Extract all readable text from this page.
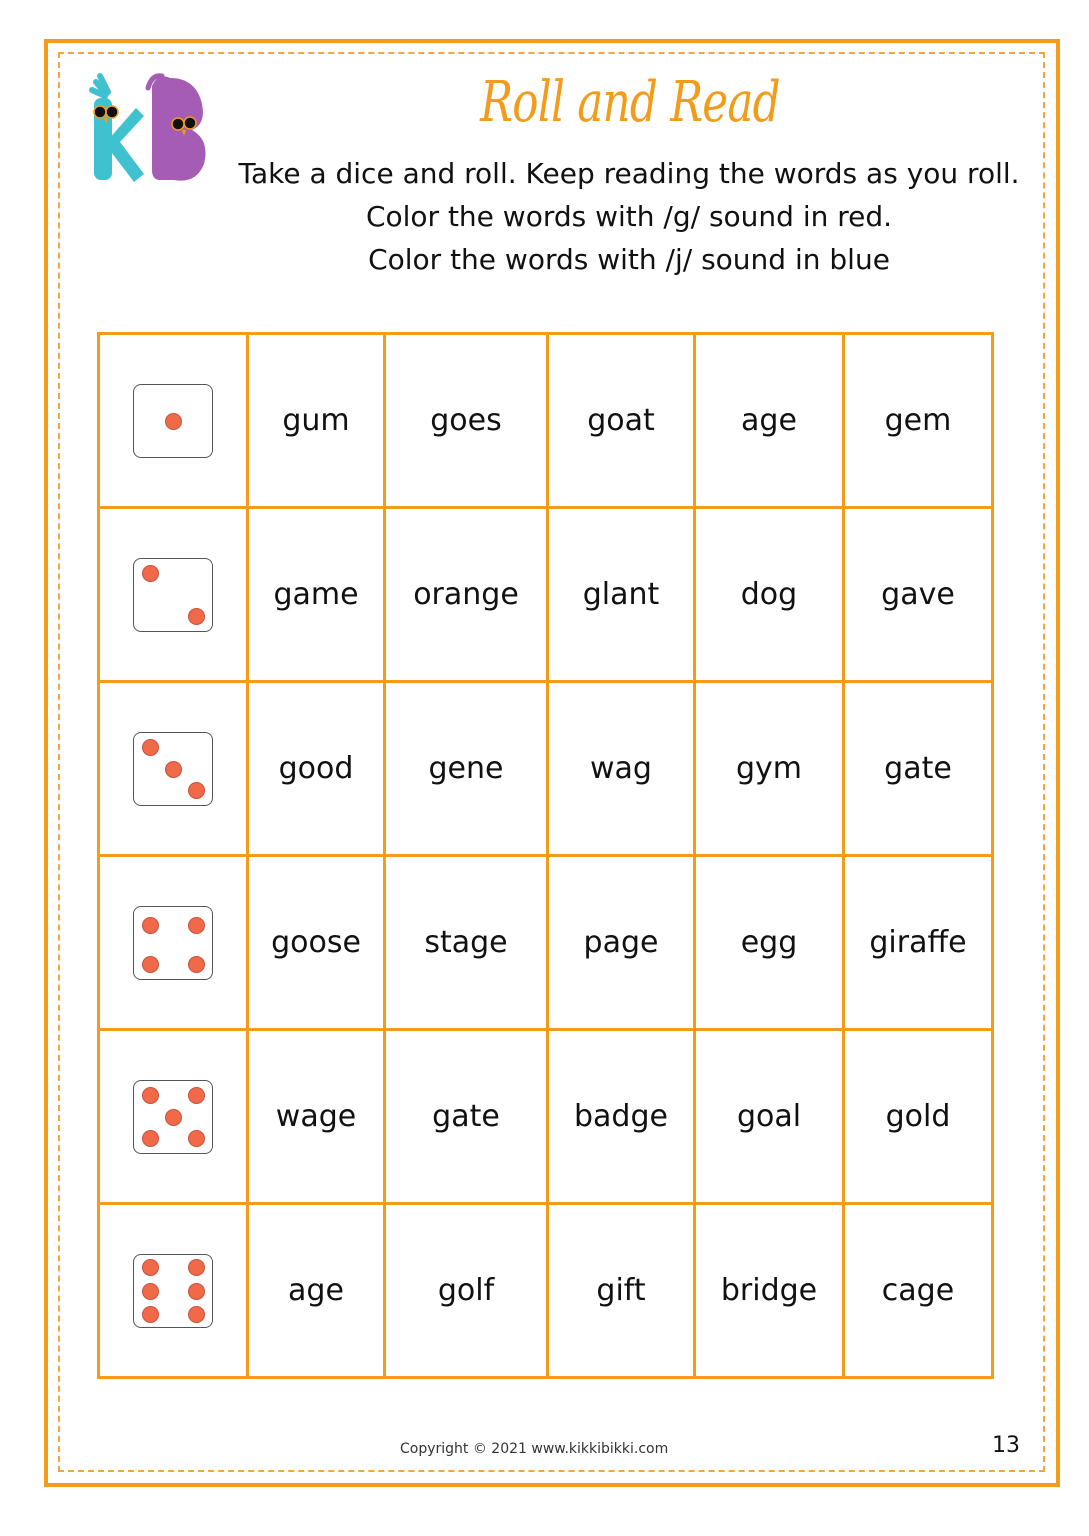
Roll and Read
Take a dice and roll. Keep reading the words as you roll.
Color the words with /g/ sound in red.
Color the words with /j/ sound in blue
	gum	goes	goat	age	gem

	game	orange	glant	dog	gave

	good	gene	wag	gym	gate

	goose	stage	page	egg	giraffe

	wage	gate	badge	goal	gold

	age	golf	gift	bridge	cage
Copyright © 2021 www.kikkibikki.com	13
